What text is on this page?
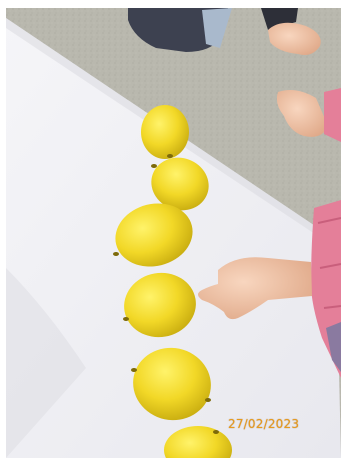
27/02/2023
